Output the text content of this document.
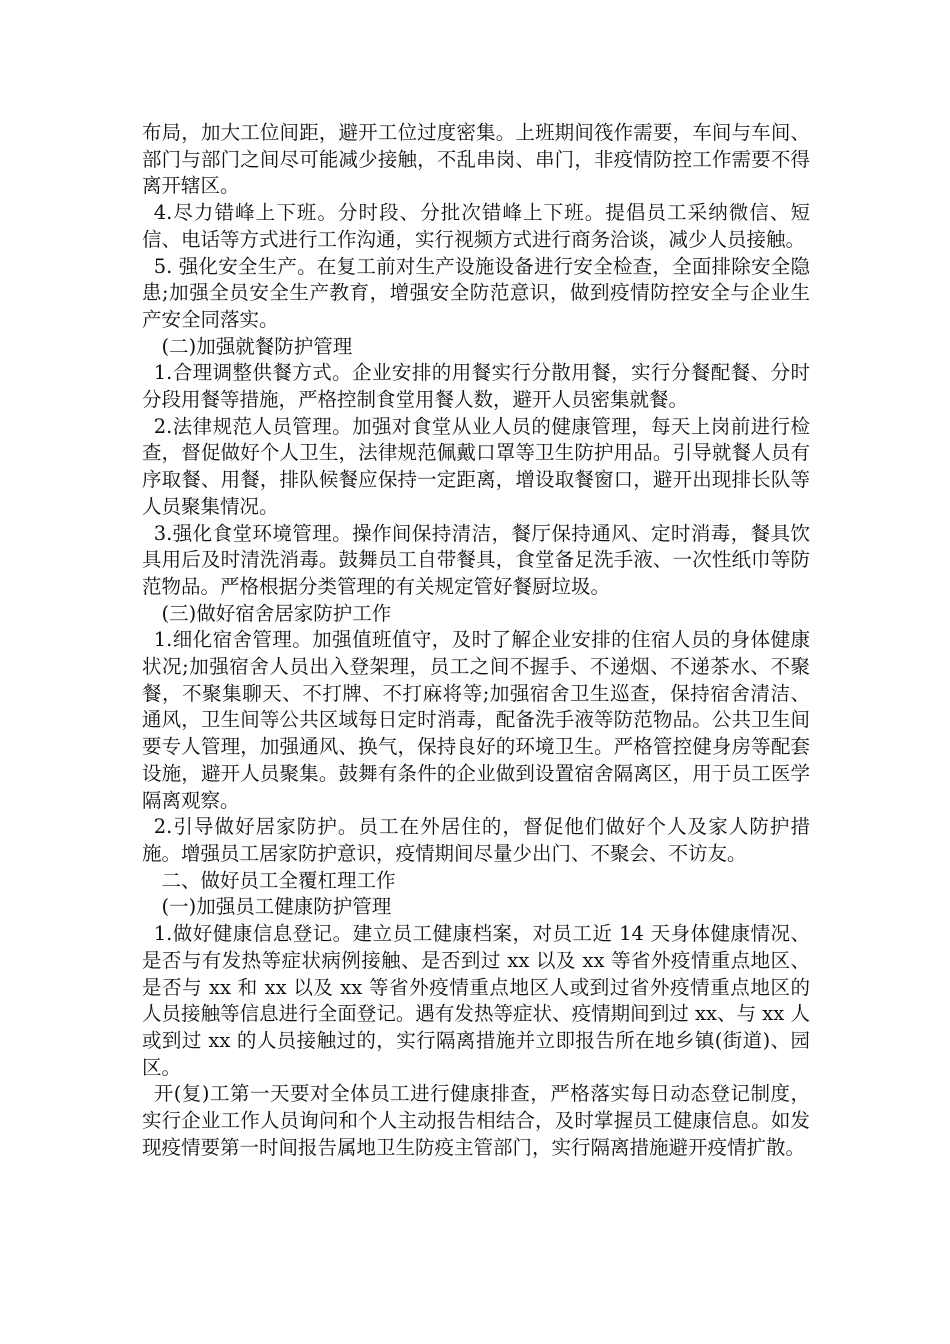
布局，加大工位间距，避开工位过度密集。上班期间筏作需要，车间与车间、部门与部门之间尽可能减少接触，不乱串岗、串门，非疫情防控工作需要不得离开辖区。

4.尽力错峰上下班。分时段、分批次错峰上下班。提倡员工采纳微信、短信、电话等方式进行工作沟通，实行视频方式进行商务洽谈，减少人员接触。

5. 强化安全生产。在复工前对生产设施设备进行安全检查，全面排除安全隐患;加强全员安全生产教育，增强安全防范意识，做到疫情防控安全与企业生产安全同落实。

(二)加强就餐防护管理

1.合理调整供餐方式。企业安排的用餐实行分散用餐，实行分餐配餐、分时分段用餐等措施，严格控制食堂用餐人数，避开人员密集就餐。

2.法律规范人员管理。加强对食堂从业人员的健康管理，每天上岗前进行检查，督促做好个人卫生，法律规范佩戴口罩等卫生防护用品。引导就餐人员有序取餐、用餐，排队候餐应保持一定距离，增设取餐窗口，避开出现排长队等人员聚集情况。

3.强化食堂环境管理。操作间保持清洁，餐厅保持通风、定时消毒，餐具饮具用后及时清洗消毒。鼓舞员工自带餐具，食堂备足洗手液、一次性纸巾等防范物品。严格根据分类管理的有关规定管好餐厨垃圾。

(三)做好宿舍居家防护工作

1.细化宿舍管理。加强值班值守，及时了解企业安排的住宿人员的身体健康状况;加强宿舍人员出入登架理，员工之间不握手、不递烟、不递茶水、不聚餐，不聚集聊天、不打牌、不打麻将等;加强宿舍卫生巡查，保持宿舍清洁、通风，卫生间等公共区域每日定时消毒，配备洗手液等防范物品。公共卫生间要专人管理，加强通风、换气，保持良好的环境卫生。严格管控健身房等配套设施，避开人员聚集。鼓舞有条件的企业做到设置宿舍隔离区，用于员工医学隔离观察。

2.引导做好居家防护。员工在外居住的，督促他们做好个人及家人防护措施。增强员工居家防护意识，疫情期间尽量少出门、不聚会、不访友。

二、做好员工全覆杠理工作

(一)加强员工健康防护管理

1.做好健康信息登记。建立员工健康档案，对员工近 14 天身体健康情况、是否与有发热等症状病例接触、是否到过 xx 以及 xx 等省外疫情重点地区、是否与 xx 和 xx 以及 xx 等省外疫情重点地区人或到过省外疫情重点地区的人员接触等信息进行全面登记。遇有发热等症状、疫情期间到过 xx、与 xx 人或到过 xx 的人员接触过的，实行隔离措施并立即报告所在地乡镇(街道)、园区。

开(复)工第一天要对全体员工进行健康排查，严格落实每日动态登记制度，实行企业工作人员询问和个人主动报告相结合，及时掌握员工健康信息。如发现疫情要第一时间报告属地卫生防疫主管部门，实行隔离措施避开疫情扩散。
